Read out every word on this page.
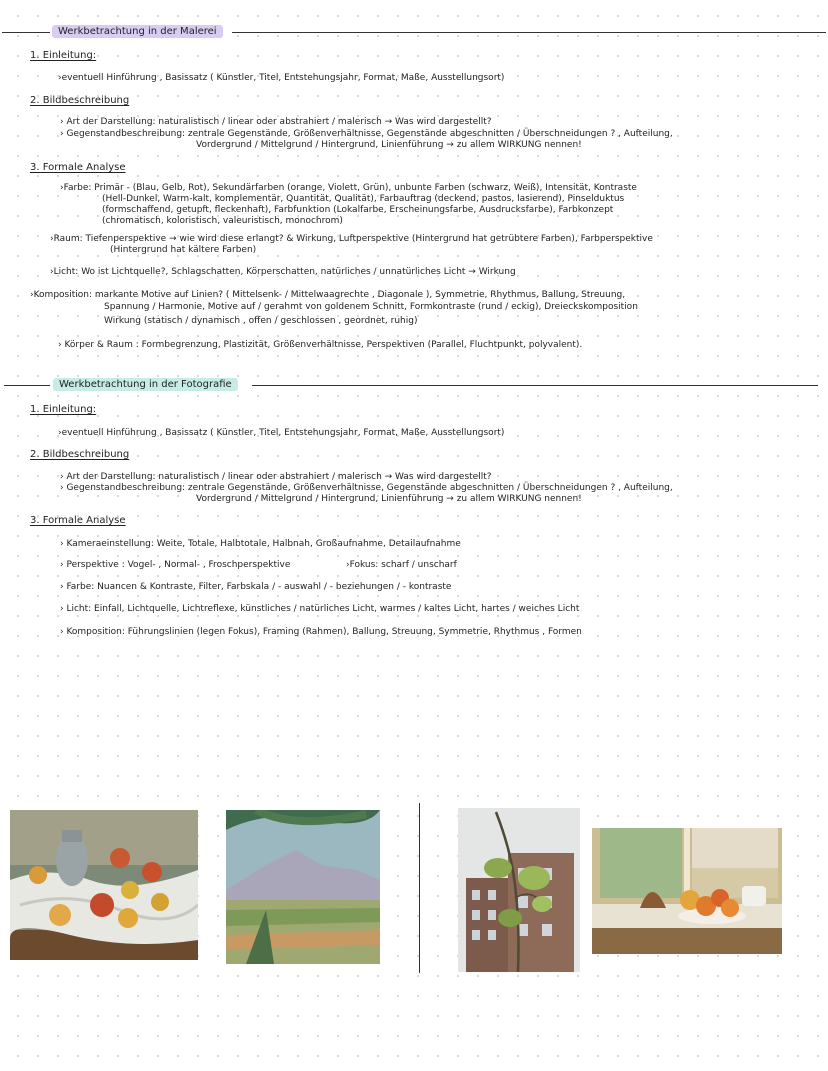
Werkbetrachtung in der Malerei
1. Einleitung:
›eventuell Hinführung , Basissatz ( Künstler, Titel, Entstehungsjahr, Format, Maße, Ausstellungsort)
2. Bildbeschreibung
› Art der Darstellung: naturalistisch / linear oder abstrahiert / malerisch → Was wird dargestellt?
› Gegenstandbeschreibung: zentrale Gegenstände, Größenverhältnisse, Gegenstände abgeschnitten / Überschneidungen ? , Aufteilung,
Vordergrund / Mittelgrund / Hintergrund, Linienführung → zu allem WIRKUNG nennen!
3. Formale Analyse
›Farbe: Primär - (Blau, Gelb, Rot), Sekundärfarben (orange, Violett, Grün), unbunte Farben (schwarz, Weiß), Intensität, Kontraste
(Hell-Dunkel, Warm-kalt, komplementär, Quantität, Qualität), Farbauftrag (deckend, pastos, lasierend), Pinselduktus
(formschaffend, getupft, fleckenhaft), Farbfunktion (Lokalfarbe, Erscheinungsfarbe, Ausdrucksfarbe), Farbkonzept
(chromatisch, koloristisch, valeuristisch, monochrom)
›Raum: Tiefenperspektive → wie wird diese erlangt? & Wirkung, Luftperspektive (Hintergrund hat getrübtere Farben), Farbperspektive
(Hintergrund hat kältere Farben)
›Licht: Wo ist Lichtquelle?, Schlagschatten, Körperschatten, natürliches / unnatürliches Licht → Wirkung
›Komposition: markante Motive auf Linien? ( Mittelsenk- / Mittelwaagrechte , Diagonale ), Symmetrie, Rhythmus, Ballung, Streuung,
Spannung / Harmonie, Motive auf / gerahmt von goldenem Schnitt, Formkontraste (rund / eckig), Dreieckskomposition
Wirkung (statisch / dynamisch , offen / geschlossen , geordnet, ruhig)
› Körper & Raum : Formbegrenzung, Plastizität, Größenverhältnisse, Perspektiven (Parallel, Fluchtpunkt, polyvalent).
Werkbetrachtung in der Fotografie
1. Einleitung:
›eventuell Hinführung , Basissatz ( Künstler, Titel, Entstehungsjahr, Format, Maße, Ausstellungsort)
2. Bildbeschreibung
› Art der Darstellung: naturalistisch / linear oder abstrahiert / malerisch → Was wird dargestellt?
› Gegenstandbeschreibung: zentrale Gegenstände, Größenverhältnisse, Gegenstände abgeschnitten / Überschneidungen ? , Aufteilung,
Vordergrund / Mittelgrund / Hintergrund, Linienführung → zu allem WIRKUNG nennen!
3. Formale Analyse
› Kameraeinstellung: Weite, Totale, Halbtotale, Halbnah, Großaufnahme, Detailaufnahme
› Perspektive : Vogel- , Normal- , Froschperspektive	›Fokus: scharf / unscharf
› Farbe: Nuancen & Kontraste, Filter, Farbskala / - auswahl / - beziehungen / - kontraste
› Licht: Einfall, Lichtquelle, Lichtreflexe, künstliches / natürliches Licht, warmes / kaltes Licht, hartes / weiches Licht
› Komposition: Führungslinien (legen Fokus), Framing (Rahmen), Ballung, Streuung, Symmetrie, Rhythmus , Formen
